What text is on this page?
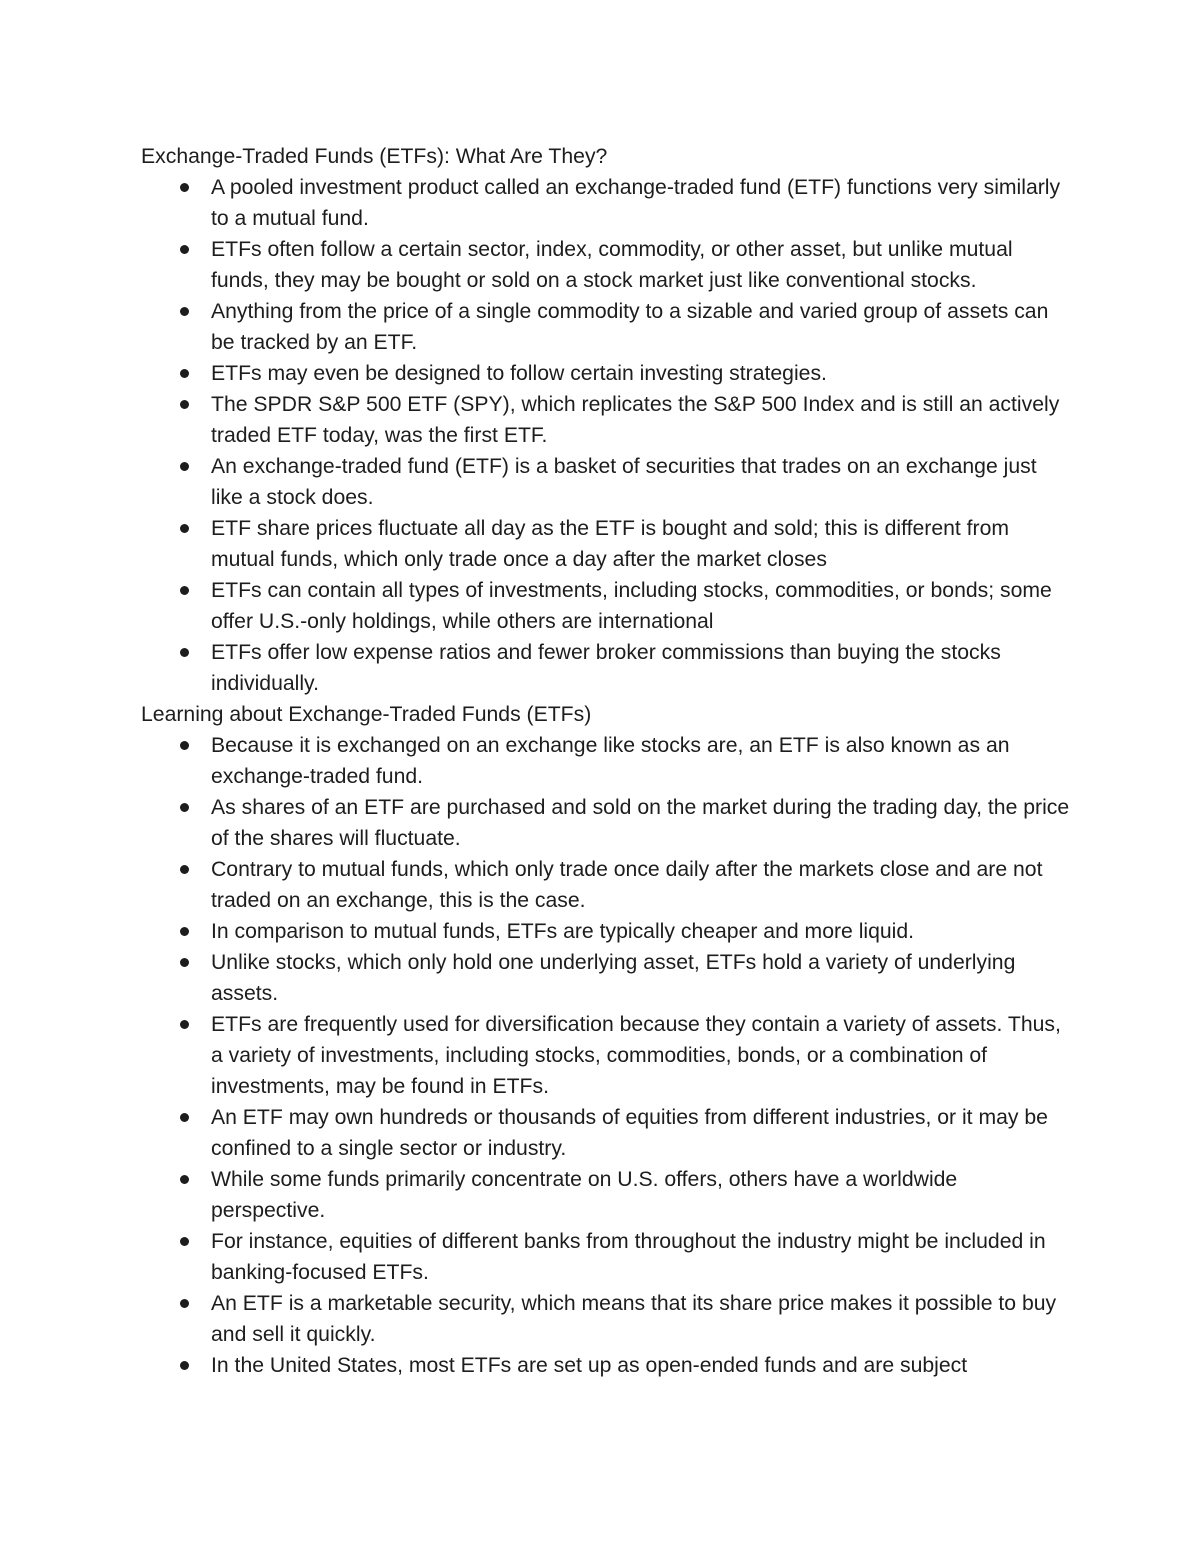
Exchange-Traded Funds (ETFs): What Are They?

A pooled investment product called an exchange-traded fund (ETF) functions very similarly to a mutual fund.
ETFs often follow a certain sector, index, commodity, or other asset, but unlike mutual funds, they may be bought or sold on a stock market just like conventional stocks.
Anything from the price of a single commodity to a sizable and varied group of assets can be tracked by an ETF.
ETFs may even be designed to follow certain investing strategies.
The SPDR S&P 500 ETF (SPY), which replicates the S&P 500 Index and is still an actively traded ETF today, was the first ETF.
An exchange-traded fund (ETF) is a basket of securities that trades on an exchange just like a stock does.
ETF share prices fluctuate all day as the ETF is bought and sold; this is different from mutual funds, which only trade once a day after the market closes
ETFs can contain all types of investments, including stocks, commodities, or bonds; some offer U.S.-only holdings, while others are international
ETFs offer low expense ratios and fewer broker commissions than buying the stocks individually.

Learning about Exchange-Traded Funds (ETFs)

Because it is exchanged on an exchange like stocks are, an ETF is also known as an exchange-traded fund.
As shares of an ETF are purchased and sold on the market during the trading day, the price of the shares will fluctuate.
Contrary to mutual funds, which only trade once daily after the markets close and are not traded on an exchange, this is the case.
In comparison to mutual funds, ETFs are typically cheaper and more liquid.
Unlike stocks, which only hold one underlying asset, ETFs hold a variety of underlying assets.
ETFs are frequently used for diversification because they contain a variety of assets. Thus, a variety of investments, including stocks, commodities, bonds, or a combination of investments, may be found in ETFs.
An ETF may own hundreds or thousands of equities from different industries, or it may be confined to a single sector or industry.
While some funds primarily concentrate on U.S. offers, others have a worldwide perspective.
For instance, equities of different banks from throughout the industry might be included in banking-focused ETFs.
An ETF is a marketable security, which means that its share price makes it possible to buy and sell it quickly.
In the United States, most ETFs are set up as open-ended funds and are subject
